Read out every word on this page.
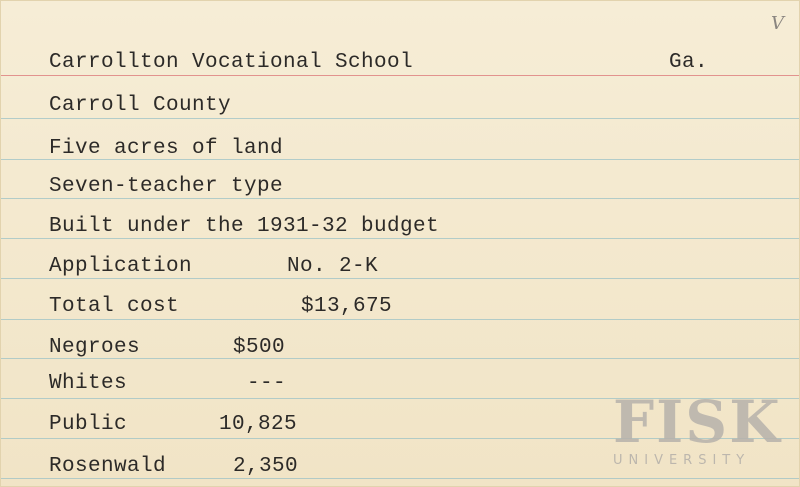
V
Carrollton Vocational School	Ga.
Carroll County
Five acres of land
Seven-teacher type
Built under the 1931-32 budget
Application	No. 2-K
Total cost	$13,675
Negroes	$500
Whites	---
Public	10,825
Rosenwald	2,350
FISK
UNIVERSITY
